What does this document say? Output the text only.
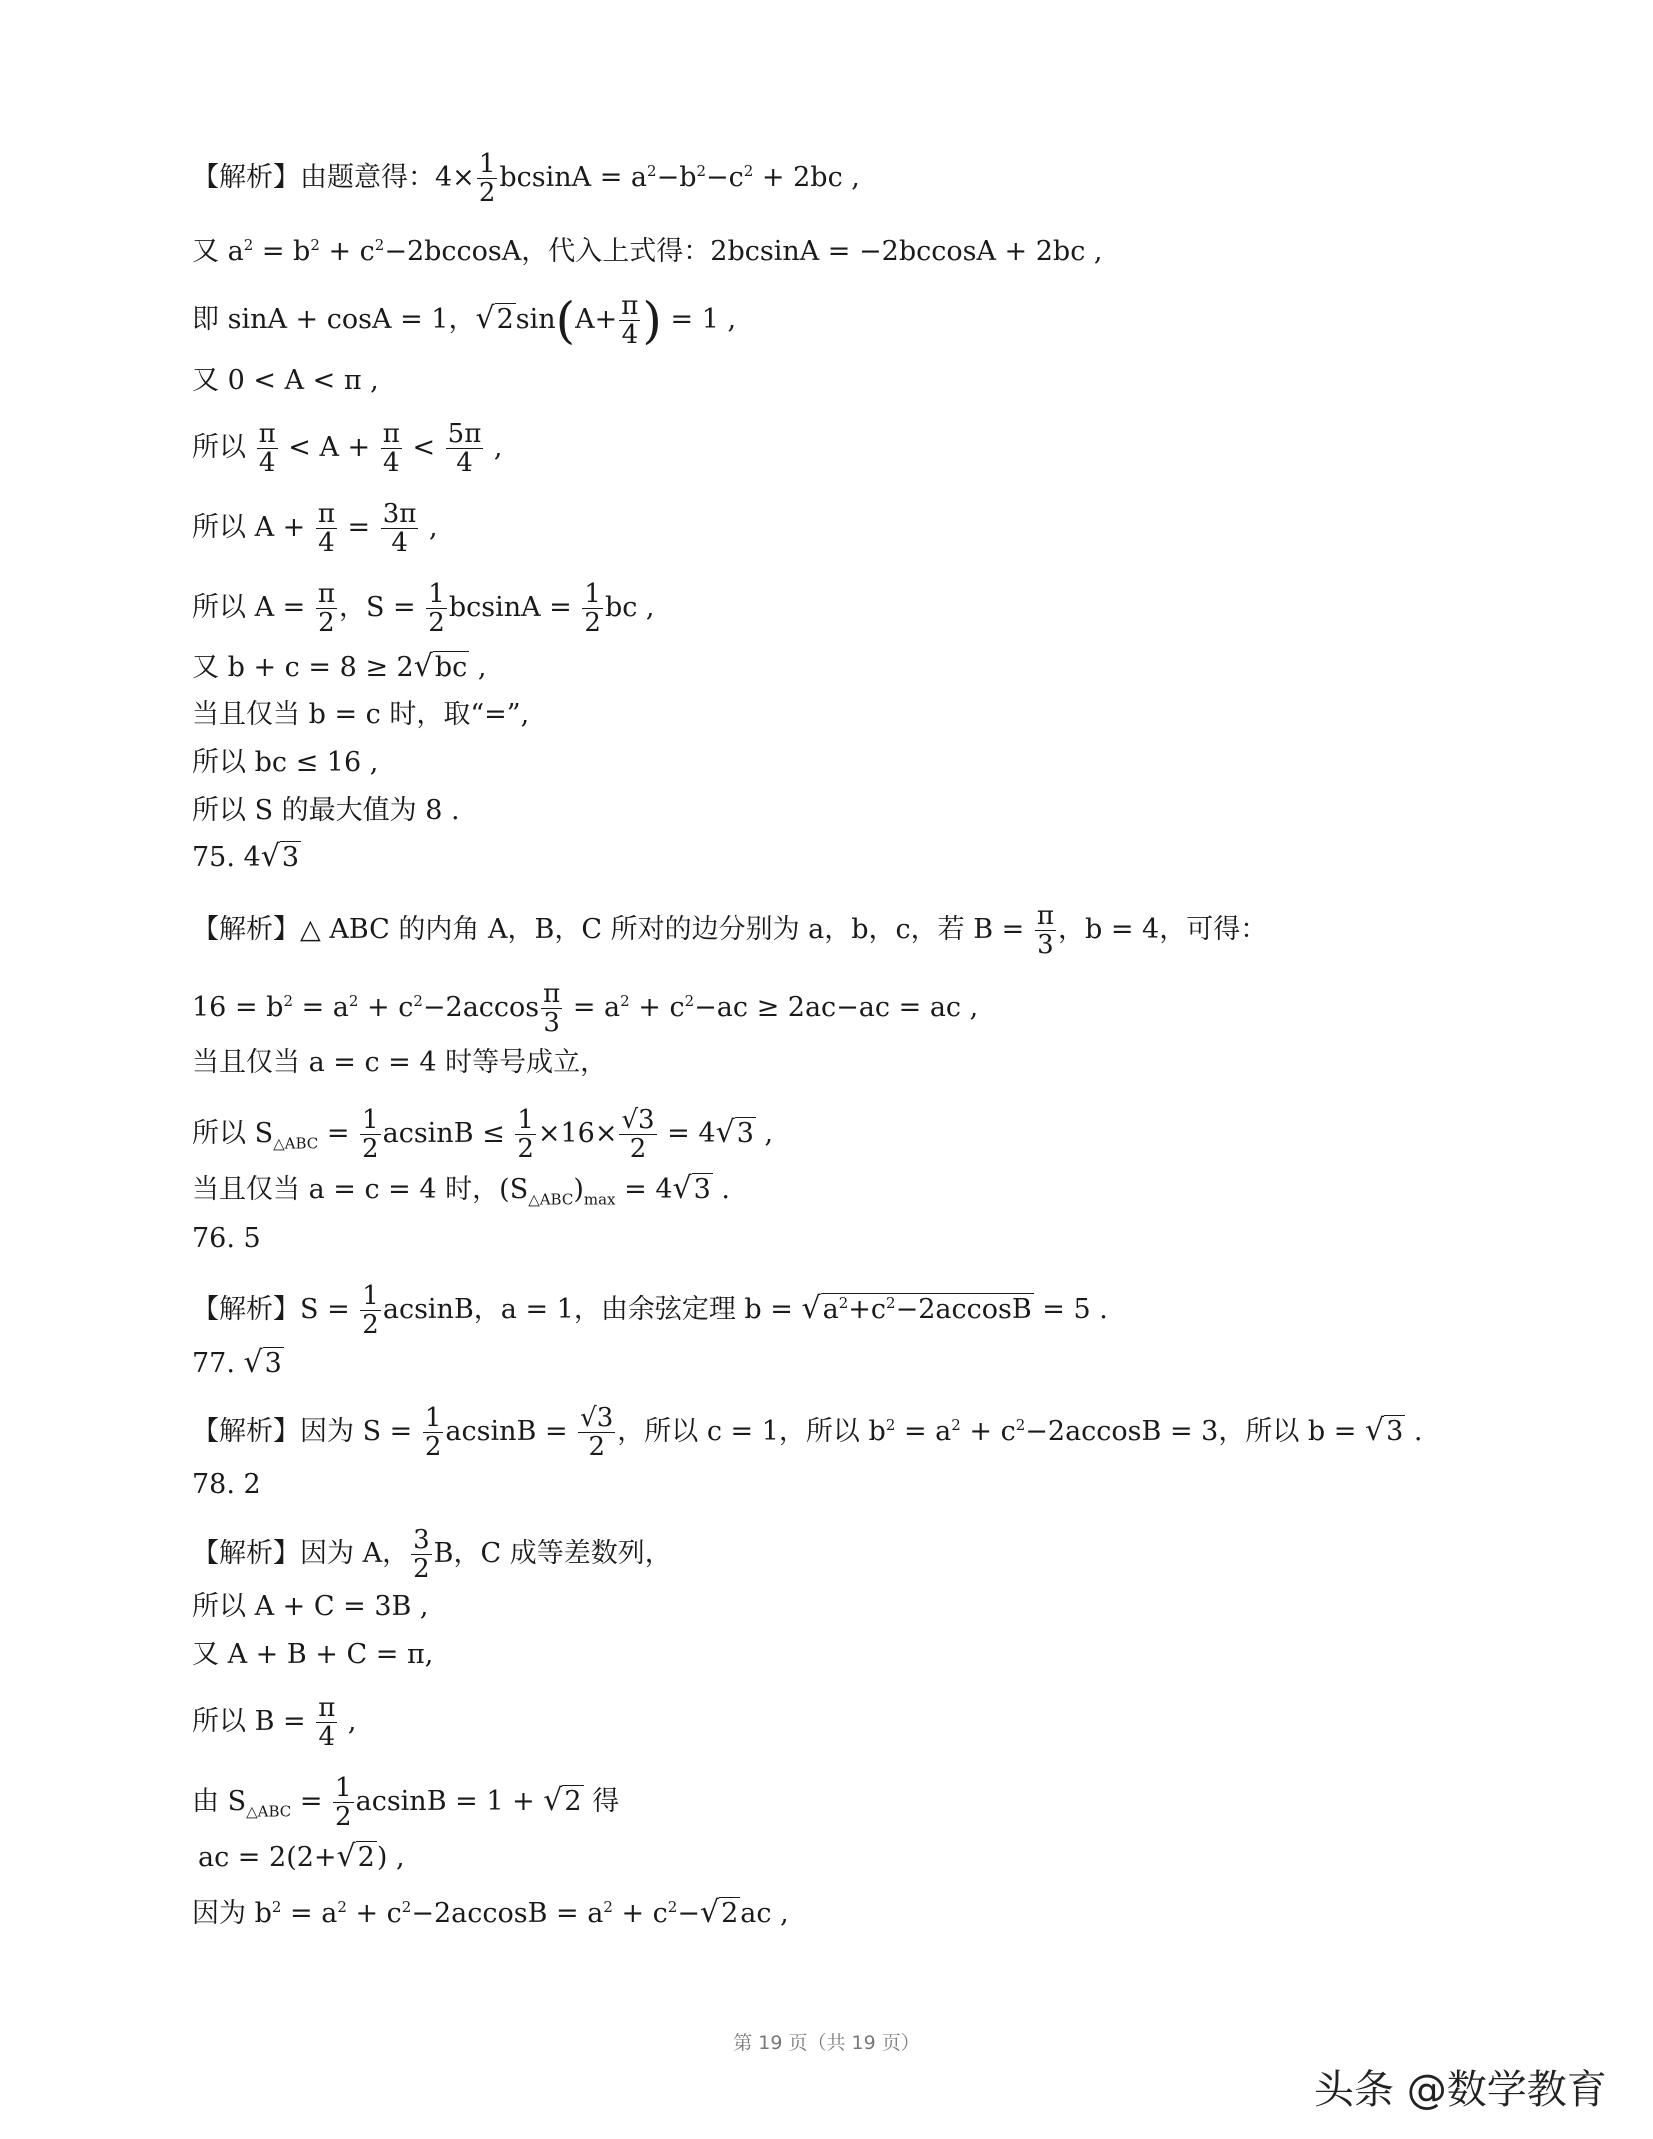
【解析】由题意得：$4\times \frac{1}{2}$ $bcsinA = a^2-b^2-c^2 + 2bc$ ,
又 $a^2 = b^2 + c^2-2bccosA$，代入上式得：2bcsinA = −2bccosA + 2bc ,
即 sinA + cosA = 1，$√2\sin(A+ \frac{\pi}{4}$ ) = 1 ,
又 0 < A < π ,
所以 $\frac{\pi}{4} < A + \frac{\pi}{4} < \frac{5\pi}{4}$ ,
所以 $A + \frac{\pi}{4} = \frac{3\pi}{4}$ ,
所以 $A = \frac{\pi}{2}$ ，$S = \frac{1}{2}$ $bcsinA = \frac{1}{2}$ bc ,
又 b + c = 8 ≥ 2√bc ,
当且仅当 b = c 时，取“=”,
所以 bc ≤ 16 ,
所以 S 的最大值为 8 .
75. 4√3
【解析】△ ABC 的内角 A，B，C 所对的边分别为 a，b，c，若 $B = \frac{\pi}{3}$ ，b = 4，可得：
$16 = b^2 = a^2 + c^2-2accos \frac{\pi}{3} = a^2 + c^2-ac \ge 2ac-ac$ = ac ,
当且仅当 a = c = 4 时等号成立，
所以 $S_{\triangle ABC} = \frac{1}{2}$ $acsinB \le \frac{1}{2} \times 16\times \frac{√3}{2} = 4√3$ ,
当且仅当 a = c = 4 时，$(S_{\triangle ABC})_{max} = 4√3$ .
76. 5
【解析】$S = \frac{1}{2}$ acsinB，a = 1，由余弦定理 $b = √a^2+c^2-2accosB = 5$ .
77. √3
【解析】因为 $S = \frac{1}{2}$ $acsinB = \frac{√3}{2}$ ，所以 c = 1，所以 $b^2 = a^2 + c^2-2accosB = 3$，所以 b = √3 .
78. 2
【解析】因为 A， $\frac{3}{2}$ B，C 成等差数列，
所以 A + C = 3B ,
又 A + B + C = π,
所以 $B = \frac{\pi}{4}$ ,
由 $S_{\triangle ABC} = \frac{1}{2}$ acsinB = 1 + √2 得
ac = 2(2+√2) ,
因为 $b^2 = a^2 + c^2-2accosB = a^2 + c^2-√2ac$ ,
第 19 页（共 19 页）
头条 @数学教育
